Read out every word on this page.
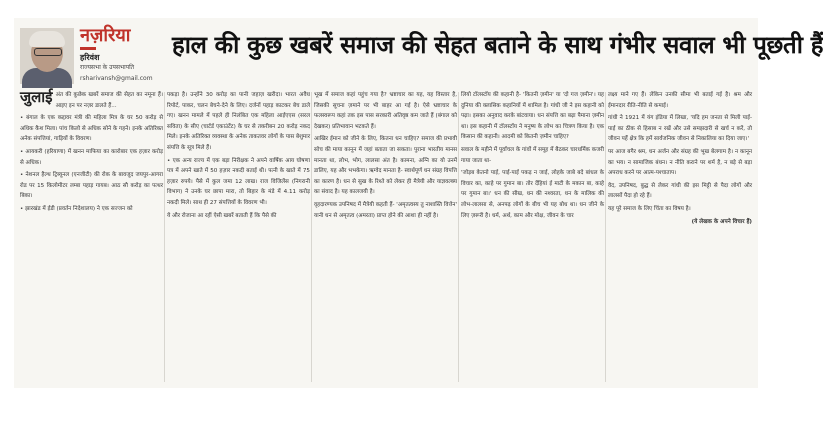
नज़रिया
हरिवंश
राज्यसभा के उपसभापति
rsharivansh@gmail.com
हाल की कुछ खबरें समाज की सेहत बताने के साथ गंभीर सवाल भी पूछती हैं

जुलाई अंत की कुछेक खबरें समाज की सेहत का नमूना हैं। आइए इन पर नज़र डालते हैं...

• बंगाल के एक कद्दावर मंत्री की महिला मित्र के घर 50 करोड़ से अधिक कैश मिला। पांच किलो से अधिक सोने के गहने। इनके अतिरिक्त अनेक संपत्तियां, गाड़ियों के विवरण।

• आयकरी (हरियाणा) में खनन माफिया का कारोबार एक हज़ार करोड़ से अधिक।

• नेशनल हैल्थ ट्रिब्यूनल (एनजीटी) की रोक के बावजूद जयपुर-आगरा रोड पर 15 किलोमीटर लम्बा पहाड़ गायब। आठ सौ करोड़ का पत्थर बिका।

• झारखंड में ईडी (प्रवर्तन निदेशालय) ने एक सज्जन को

पकड़ा है। उन्होंने 30 करोड़ का पानी जहाज़ खरीदा। भारत अवैध रिपोर्ट, पाकर, चलन बेचने-देने के लिए। दर्जनों पहाड़ काटकर बेच डाले गए। खनन मामले में पहले ही निलंबित एक महिला आईएएस (सरल सविता) के सीए (चार्टर्ड एकाउंटेंट) के घर से तकरीबन 20 करोड़ नकद मिले। इनके अतिरिक्त व्यवस्था के अनेक ताकतवर लोगों के पास बेशुमार संपत्ति के सूत्र मिले हैं।

• एक अन्य राज्य में एक बड़ा निरीक्षक ने अपने वार्षिक आय घोषणा पत्र में अपने खाते में 50 हज़ार नकदी बताई थी। पत्नी के खाते में 75 हज़ार रुपये। पैसे में कुल जमा 12 लाख। राज विजिलेंस (निगरानी विभाग) ने उनके घर छापा मारा, तो बिहार के मंडे में 4.11 करोड़ नकदी मिले। साथ ही 27 संपत्तियों के विवरण भी।

ये और रोजाना आ रहीं ऐसी खबरें बताती हैं कि पैसे की

भूख में समाज कहां पहुंच गया है? भ्रष्टाचार का यह, यह विस्तार है, जिसकी सूचना ज़माने पर भी बाहर आ गई है। ऐसे भ्रष्टाचार के फलस्वरूप कहां तक इस पास सरकारी अतिवृष्ठ कम जाते हैं (बंगाल को देखकर) प्रतिभावान भटकते हैं।

आखिर ईमान को जीने के लिए, कितना धन चाहिए? समाज की प्रभावी सोच की माया कानून में जहां बताता जा सकता। पुराना भारतीय मानस मानता था, लोभ, भोग, लालसा अंत है। कामना, अग्नि का यो उनमें डालिए, यह और भभकेगा। ऋग्वेद मानता है- स्वार्थपूर्ण धन संग्रह विपत्ति का कारण है। धन से सुख के रिश्ते को लेकर ही मैत्रेयी और याज्ञवल्क्य का संवाद है। यह कालजयी है।

वृहदारण्यक उपनिषद में मैत्रेयी कहती हैं- 'अमृतत्वस्य तु नाशास्ति वित्तेन' यानी धन से अमृतत्व (अमरता) प्राप्त होने की आशा ही नहीं है।

लियो टॉलस्टॉय की कहानी है- 'कितनी ज़मीन' या 'दो गज ज़मीन'। यह दुनिया की क्लासिक कहानियों में शामिल है। गांधी जी ने इस कहानी को पढ़ा। इसका अनुवाद करके बांटवाया। धन संपत्ति का बढ़ा पैमाना ज़मीन था। इस कहानी में टॉलस्टॉय ने मनुष्य के लोभ का चित्रण किया है। एक किसान की कहानी। आदमी को कितनी ज़मीन चाहिए?

सवाल के महीने में पूर्वांचल के गांवों में समूह में बैठकर चारधर्मिक कजरी गाया जाता था-

'जोड़ब केतनो पाई, पाई-पाई पकड़ न जाई, लोहके जाबे बदे बांधल के विचार का, काहे पर गुमान बा। तोर देंहियां ई माटी के मकान बा, काहे पर गुमान बा।' धन की सीख, धन की नश्वरता, धन के मालिक की लोभ-लालसा से, अनपढ़ लोगों के बीच भी यह बोध था। धन जीने के लिए ज़रूरी है। धर्म, अर्थ, काम और मोक्ष, जीवन के चार

लक्ष्य माने गए हैं। लेकिन उनकी सीमा भी बताई गई है। श्रम और ईमानदार रीति-नीति से कमाई।

गांधी ने 1921 में यंग इंडिया में लिखा, 'यदि हम जनता से मिली पाई-पाई का ठीक से हिसाब न रखें और उसे समझदारी से खर्च न करें, तो जीवन पर्हे क्षेत्र कि हमें सार्वजनिक जीवन से निकालिया का दिया जाए।'

पर आज बगैर श्रम, धन अर्जन और संग्रह की भूख बेलगाम है। न कानून का भय। न सामाजिक बंधन। न नीति कराने पर शर्म है, न बड़े से बड़ा अपराध करने पर आत्म-पश्चाताप।

वेद, उपनिषद, बुद्ध से लेकर गांधी की इस मिट्टी से पैदा लोगों और लालसों पैदा हो रहे हैं।

यह पूरे समाज के लिए चिंता का विषय है।

(ये लेखक के अपने विचार हैं)
